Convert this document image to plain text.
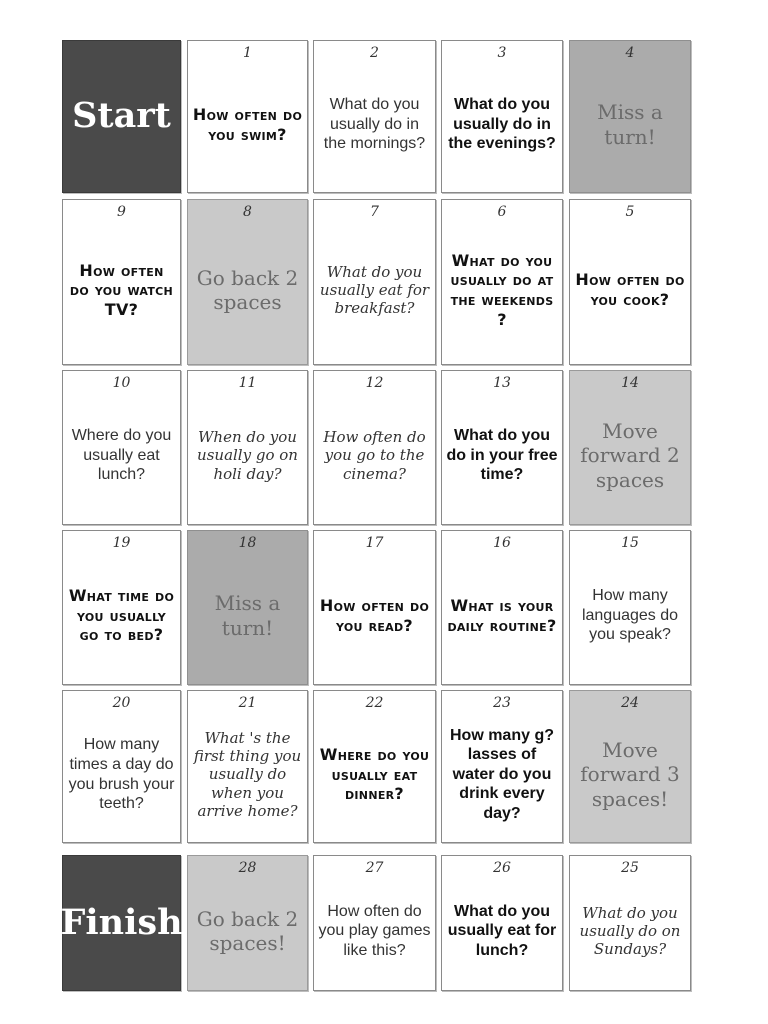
Start
1
How often do you swim?
2
What do you usually do in the mornings?
3
What do you usually do in the evenings?
4
Miss a turn!
9
How often do you watch TV?
8
Go back 2 spaces
7
What do you usually eat for breakfast?
6
What do you usually do at the weekends ?
5
How often do you cook?
10
Where do you usually eat lunch?
11
When do you usually go on holi day?
12
How often do you go to the cinema?
13
What do you do in your free time?
14
Move forward 2 spaces
19
What time do you usually go to bed?
18
Miss a turn!
17
How often do you read?
16
What is your daily routine?
15
How many languages do you speak?
20
How many times a day do you brush your teeth?
21
What 's the first thing you usually do when you arrive home?
22
Where do you usually eat dinner?
23
How many g?lasses of water do you drink every day?
24
Move forward 3 spaces!
Finish
28
Go back 2 spaces!
27
How often do you play games like this?
26
What do you usually eat for lunch?
25
What do you usually do on Sundays?
